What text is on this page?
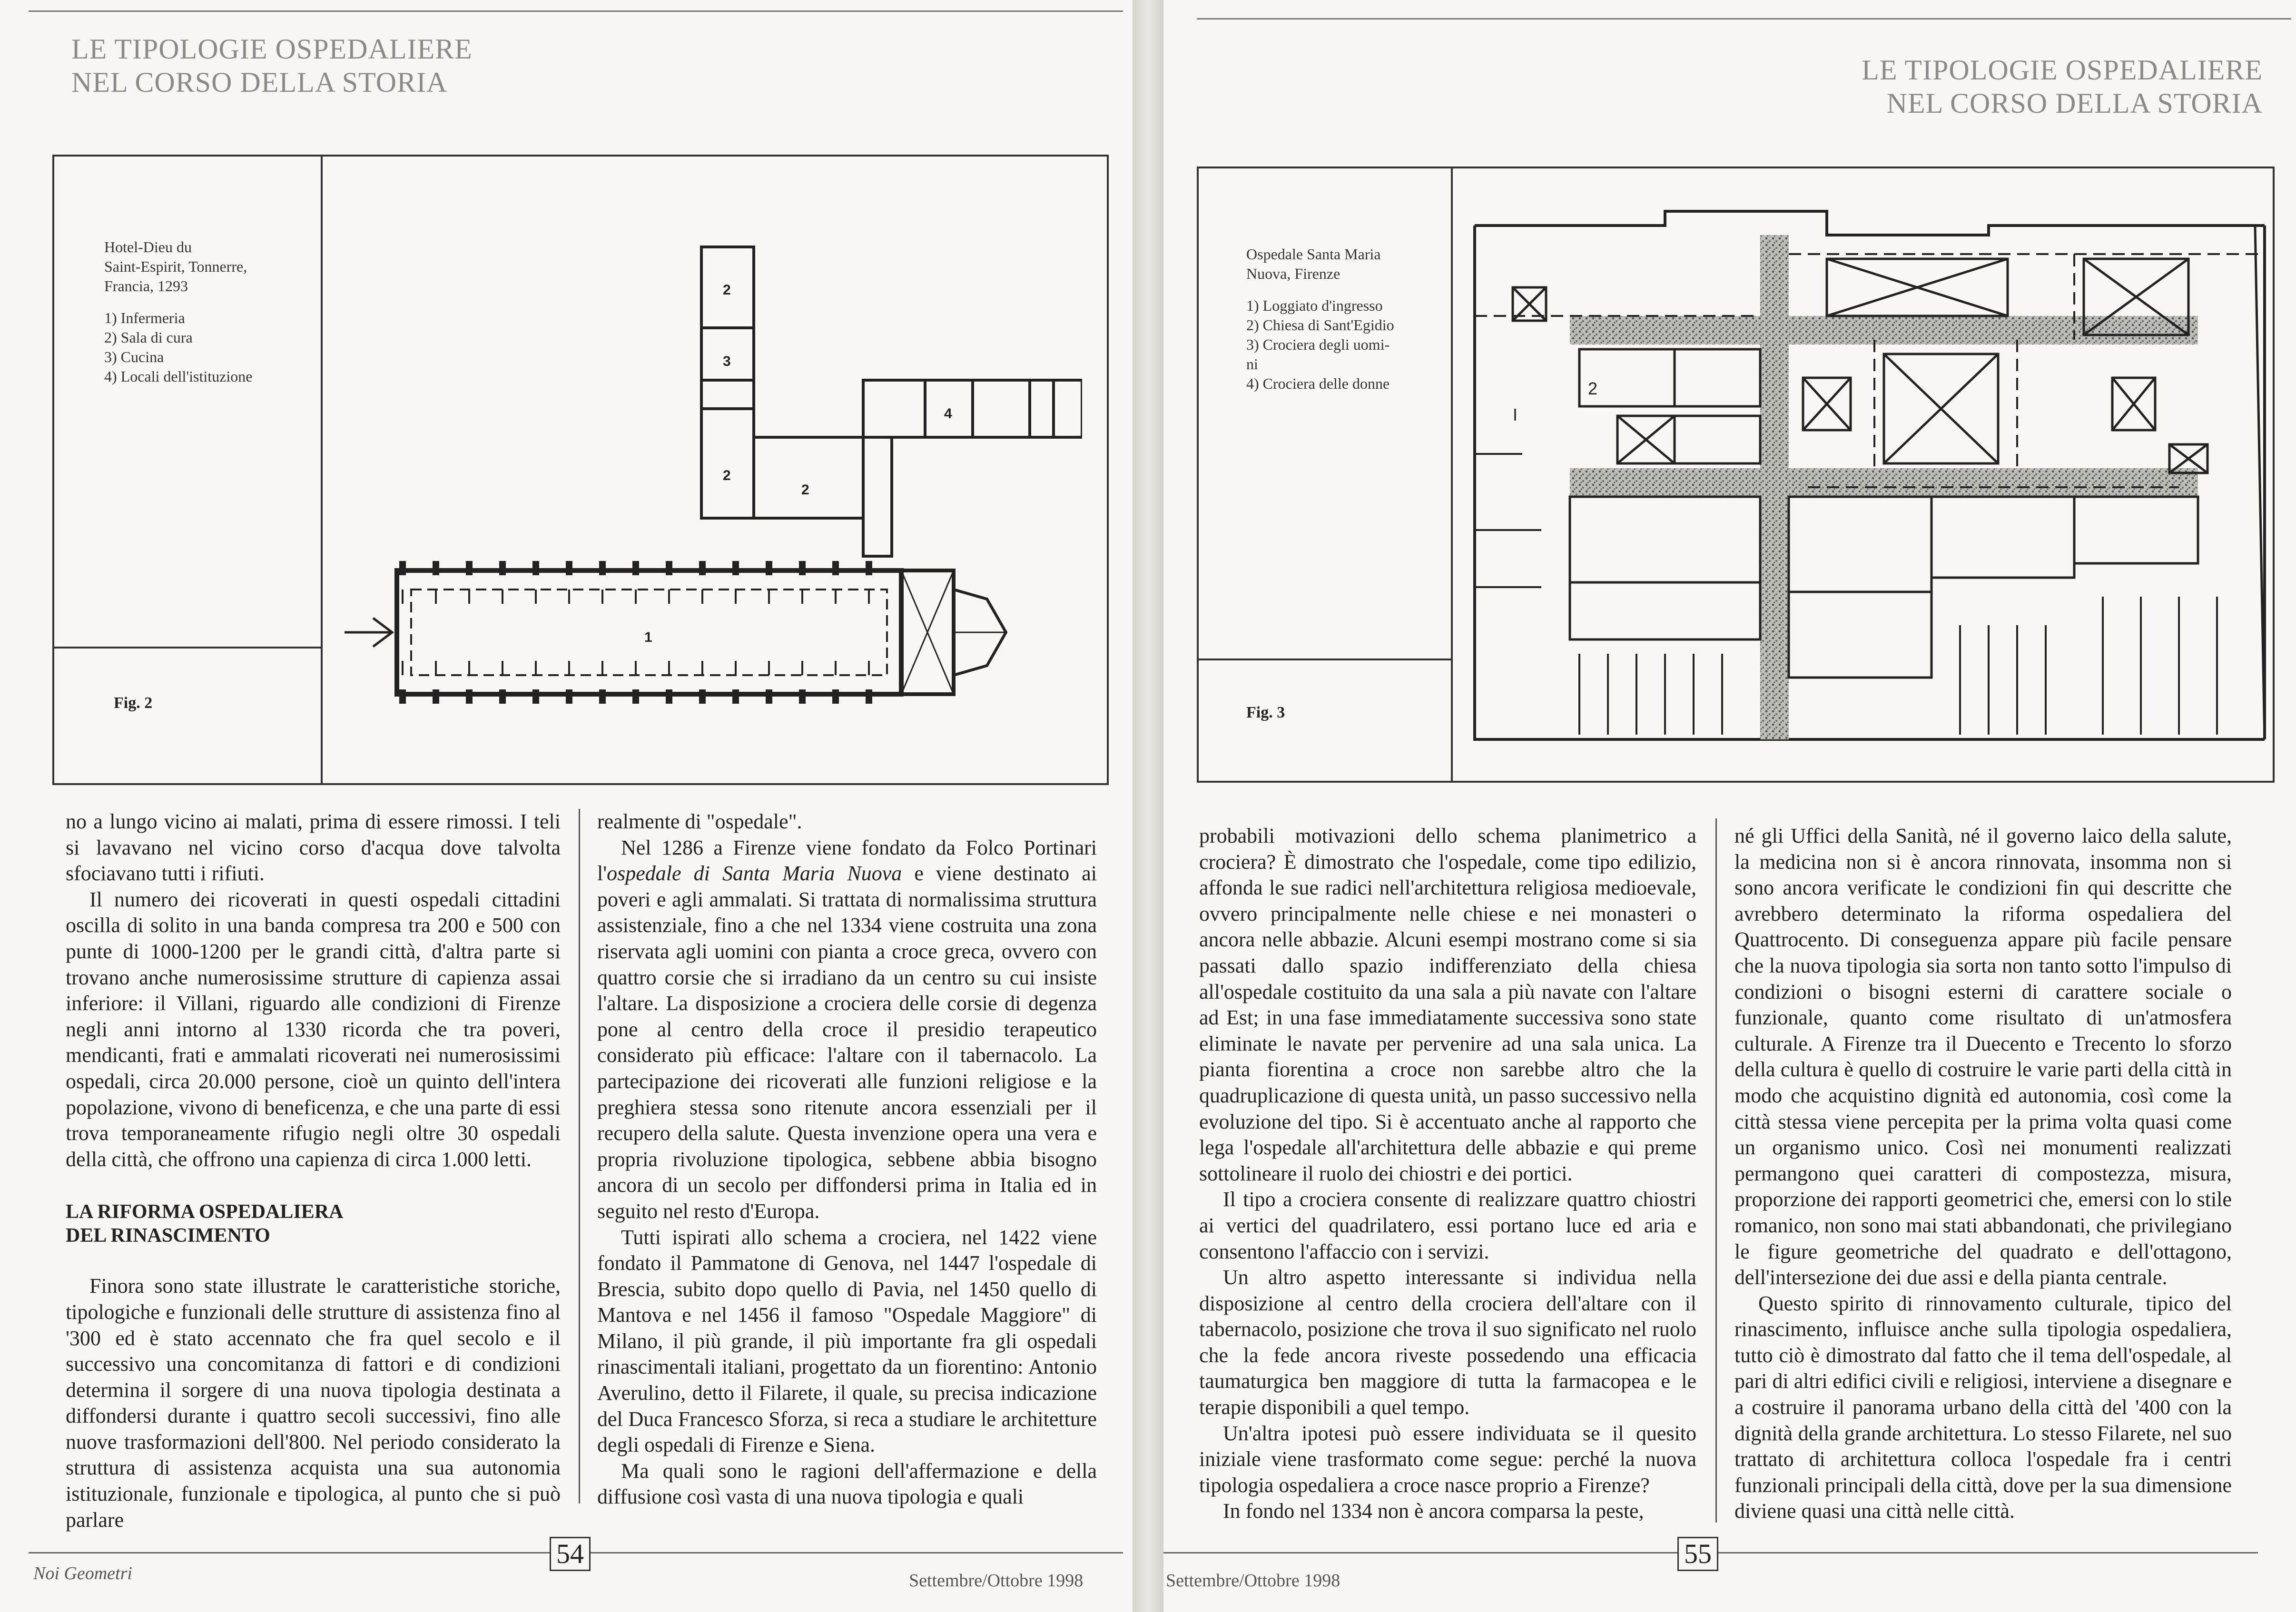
LE TIPOLOGIE OSPEDALIERE
NEL CORSO DELLA STORIA
Hotel-Dieu du
Saint-Espirit, Tonnerre,
Francia, 1293
1) Infermeria
2) Sala di cura
3) Cucina
4) Locali dell'istituzione
Fig. 2
2
3
2
2
4
1

no a lungo vicino ai malati, prima di essere rimossi. I teli si lavavano nel vicino corso d'acqua dove talvolta sfociavano tutti i rifiuti.

Il numero dei ricoverati in questi ospedali cittadini oscilla di solito in una banda compresa tra 200 e 500 con punte di 1000-1200 per le grandi città, d'altra parte si trovano anche numerosissime strutture di capienza assai inferiore: il Villani, riguardo alle condizioni di Firenze negli anni intorno al 1330 ricorda che tra poveri, mendicanti, frati e ammalati ricoverati nei numerosissimi ospedali, circa 20.000 persone, cioè un quinto dell'intera popolazione, vivono di beneficenza, e che una parte di essi trova temporaneamente rifugio negli oltre 30 ospedali della città, che offrono una capienza di circa 1.000 letti.

LA RIFORMA OSPEDALIERA
DEL RINASCIMENTO

Finora sono state illustrate le caratteristiche storiche, tipologiche e funzionali delle strutture di assistenza fino al '300 ed è stato accennato che fra quel secolo e il successivo una concomitanza di fattori e di condizioni determina il sorgere di una nuova tipologia destinata a diffondersi durante i quattro secoli successivi, fino alle nuove trasformazioni dell'800. Nel periodo considerato la struttura di assistenza acquista una sua autonomia istituzionale, funzionale e tipologica, al punto che si può parlare

realmente di "ospedale".

Nel 1286 a Firenze viene fondato da Folco Portinari l'ospedale di Santa Maria Nuova e viene destinato ai poveri e agli ammalati. Si trattata di normalissima struttura assistenziale, fino a che nel 1334 viene costruita una zona riservata agli uomini con pianta a croce greca, ovvero con quattro corsie che si irradiano da un centro su cui insiste l'altare. La disposizione a crociera delle corsie di degenza pone al centro della croce il presidio terapeutico considerato più efficace: l'altare con il tabernacolo. La partecipazione dei ricoverati alle funzioni religiose e la preghiera stessa sono ritenute ancora essenziali per il recupero della salute. Questa invenzione opera una vera e propria rivoluzione tipologica, sebbene abbia bisogno ancora di un secolo per diffondersi prima in Italia ed in seguito nel resto d'Europa.

Tutti ispirati allo schema a crociera, nel 1422 viene fondato il Pammatone di Genova, nel 1447 l'ospedale di Brescia, subito dopo quello di Pavia, nel 1450 quello di Mantova e nel 1456 il famoso "Ospedale Maggiore" di Milano, il più grande, il più importante fra gli ospedali rinascimentali italiani, progettato da un fiorentino: Antonio Averulino, detto il Filarete, il quale, su precisa indicazione del Duca Francesco Sforza, si reca a studiare le architetture degli ospedali di Firenze e Siena.

Ma quali sono le ragioni dell'affermazione e della diffusione così vasta di una nuova tipologia e quali

Noi Geometri
54
Settembre/Ottobre 1998
LE TIPOLOGIE OSPEDALIERE
NEL CORSO DELLA STORIA
Ospedale Santa Maria
Nuova, Firenze
1) Loggiato d'ingresso
2) Chiesa di Sant'Egidio
3) Crociera degli uomi-
ni
4) Crociera delle donne
Fig. 3
I
2

probabili motivazioni dello schema planimetrico a crociera? È dimostrato che l'ospedale, come tipo edilizio, affonda le sue radici nell'architettura religiosa medioevale, ovvero principalmente nelle chiese e nei monasteri o ancora nelle abbazie. Alcuni esempi mostrano come si sia passati dallo spazio indifferenziato della chiesa all'ospedale costituito da una sala a più navate con l'altare ad Est; in una fase immediatamente successiva sono state eliminate le navate per pervenire ad una sala unica. La pianta fiorentina a croce non sarebbe altro che la quadruplicazione di questa unità, un passo successivo nella evoluzione del tipo. Si è accentuato anche al rapporto che lega l'ospedale all'architettura delle abbazie e qui preme sottolineare il ruolo dei chiostri e dei portici.

Il tipo a crociera consente di realizzare quattro chiostri ai vertici del quadrilatero, essi portano luce ed aria e consentono l'affaccio con i servizi.

Un altro aspetto interessante si individua nella disposizione al centro della crociera dell'altare con il tabernacolo, posizione che trova il suo significato nel ruolo che la fede ancora riveste possedendo una efficacia taumaturgica ben maggiore di tutta la farmacopea e le terapie disponibili a quel tempo.

Un'altra ipotesi può essere individuata se il quesito iniziale viene trasformato come segue: perché la nuova tipologia ospedaliera a croce nasce proprio a Firenze?

In fondo nel 1334 non è ancora comparsa la peste,

né gli Uffici della Sanità, né il governo laico della salute, la medicina non si è ancora rinnovata, insomma non si sono ancora verificate le condizioni fin qui descritte che avrebbero determinato la riforma ospedaliera del Quattrocento. Di conseguenza appare più facile pensare che la nuova tipologia sia sorta non tanto sotto l'impulso di condizioni o bisogni esterni di carattere sociale o funzionale, quanto come risultato di un'atmosfera culturale. A Firenze tra il Duecento e Trecento lo sforzo della cultura è quello di costruire le varie parti della città in modo che acquistino dignità ed autonomia, così come la città stessa viene percepita per la prima volta quasi come un organismo unico. Così nei monumenti realizzati permangono quei caratteri di compostezza, misura, proporzione dei rapporti geometrici che, emersi con lo stile romanico, non sono mai stati abbandonati, che privilegiano le figure geometriche del quadrato e dell'ottagono, dell'intersezione dei due assi e della pianta centrale.

Questo spirito di rinnovamento culturale, tipico del rinascimento, influisce anche sulla tipologia ospedaliera, tutto ciò è dimostrato dal fatto che il tema dell'ospedale, al pari di altri edifici civili e religiosi, interviene a disegnare e a costruire il panorama urbano della città del '400 con la dignità della grande architettura. Lo stesso Filarete, nel suo trattato di architettura colloca l'ospedale fra i centri funzionali principali della città, dove per la sua dimensione diviene quasi una città nelle città.

Settembre/Ottobre 1998
55
